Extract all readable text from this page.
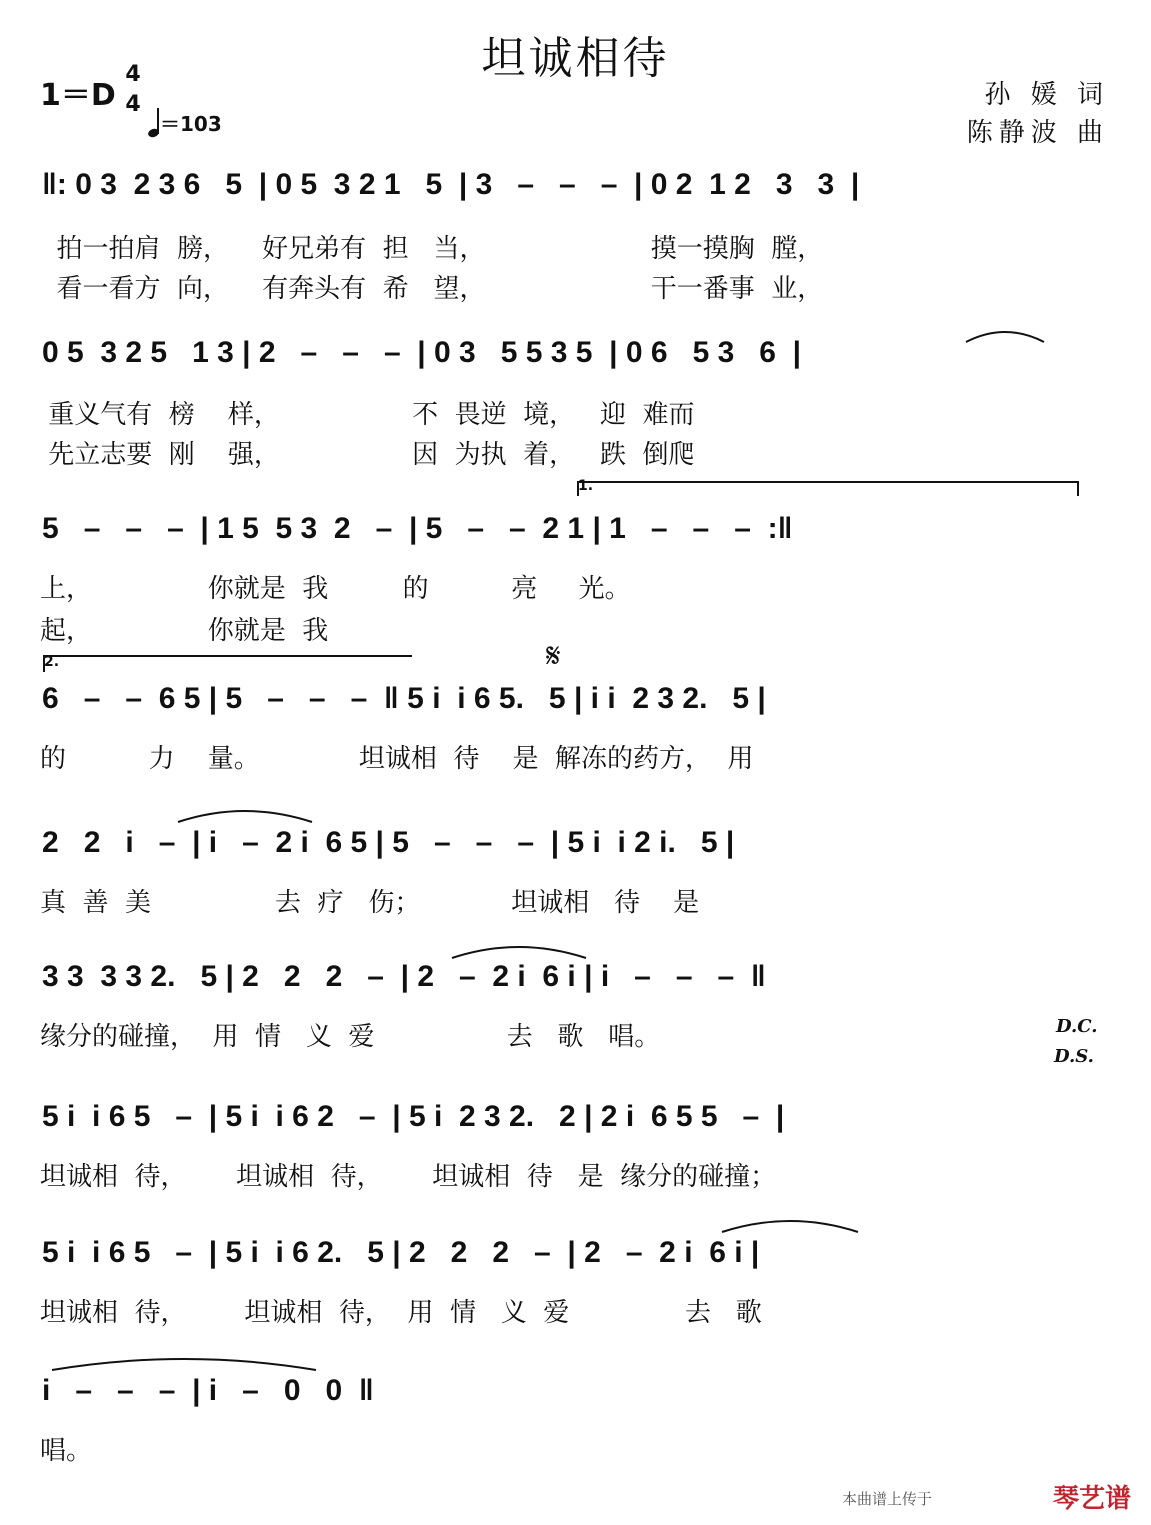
坦诚相待
1＝D
4
4
＝103
孙 媛 词
陈静波 曲
‖: 0 3  2 3 6   5  | 0 5  3 2 1   5  | 3   –   –   –  | 0 2  1 2   3   3  |
拍一拍肩  膀，    好兄弟有  担   当，                    摸一摸胸  膛，
看一看方  向，    有奔头有  希   望，                    干一番事  业，
0 5  3 2 5   1 3 | 2   –   –   –  | 0 3   5 5 3 5  | 0 6   5 3   6  |
重义气有  榜    样，                不  畏逆  境，   迎  难而
先立志要  刚    强，                因  为执  着，   跌  倒爬
1.
5   –   –   –  | 1 5  5 3  2   –  | 5   –   –  2 1 | 1   –   –   –  :‖
上，              你就是  我         的          亮     光。
起，              你就是  我
2.	𝄋
6   –   –  6 5 | 5   –   –   –  ‖ 5 i  i 6 5.   5 | i i  2 3 2.   5 |
的          力    量。            坦诚相  待    是  解冻的药方，  用
2   2   i   –  | i   –  2 i  6 5 | 5   –   –   –  | 5 i  i 2 i.   5 |
真  善  美               去  疗   伤；           坦诚相   待    是
3 3  3 3 2.   5 | 2   2   2   –  | 2   –  2 i  6 i | i   –   –   –  ‖
缘分的碰撞，  用  情   义  爱                去   歌   唱。	D.C.
D.S.
5 i  i 6 5   –  | 5 i  i 6 2   –  | 5 i  2 3 2.   2 | 2 i  6 5 5   –  |
坦诚相  待，      坦诚相  待，      坦诚相  待   是  缘分的碰撞；
5 i  i 6 5   –  | 5 i  i 6 2.   5 | 2   2   2   –  | 2   –  2 i  6 i |
坦诚相  待，       坦诚相  待，  用  情   义  爱              去   歌
i   –   –   –  | i   –   0   0  ‖
唱。
本曲谱上传于	琴艺谱
